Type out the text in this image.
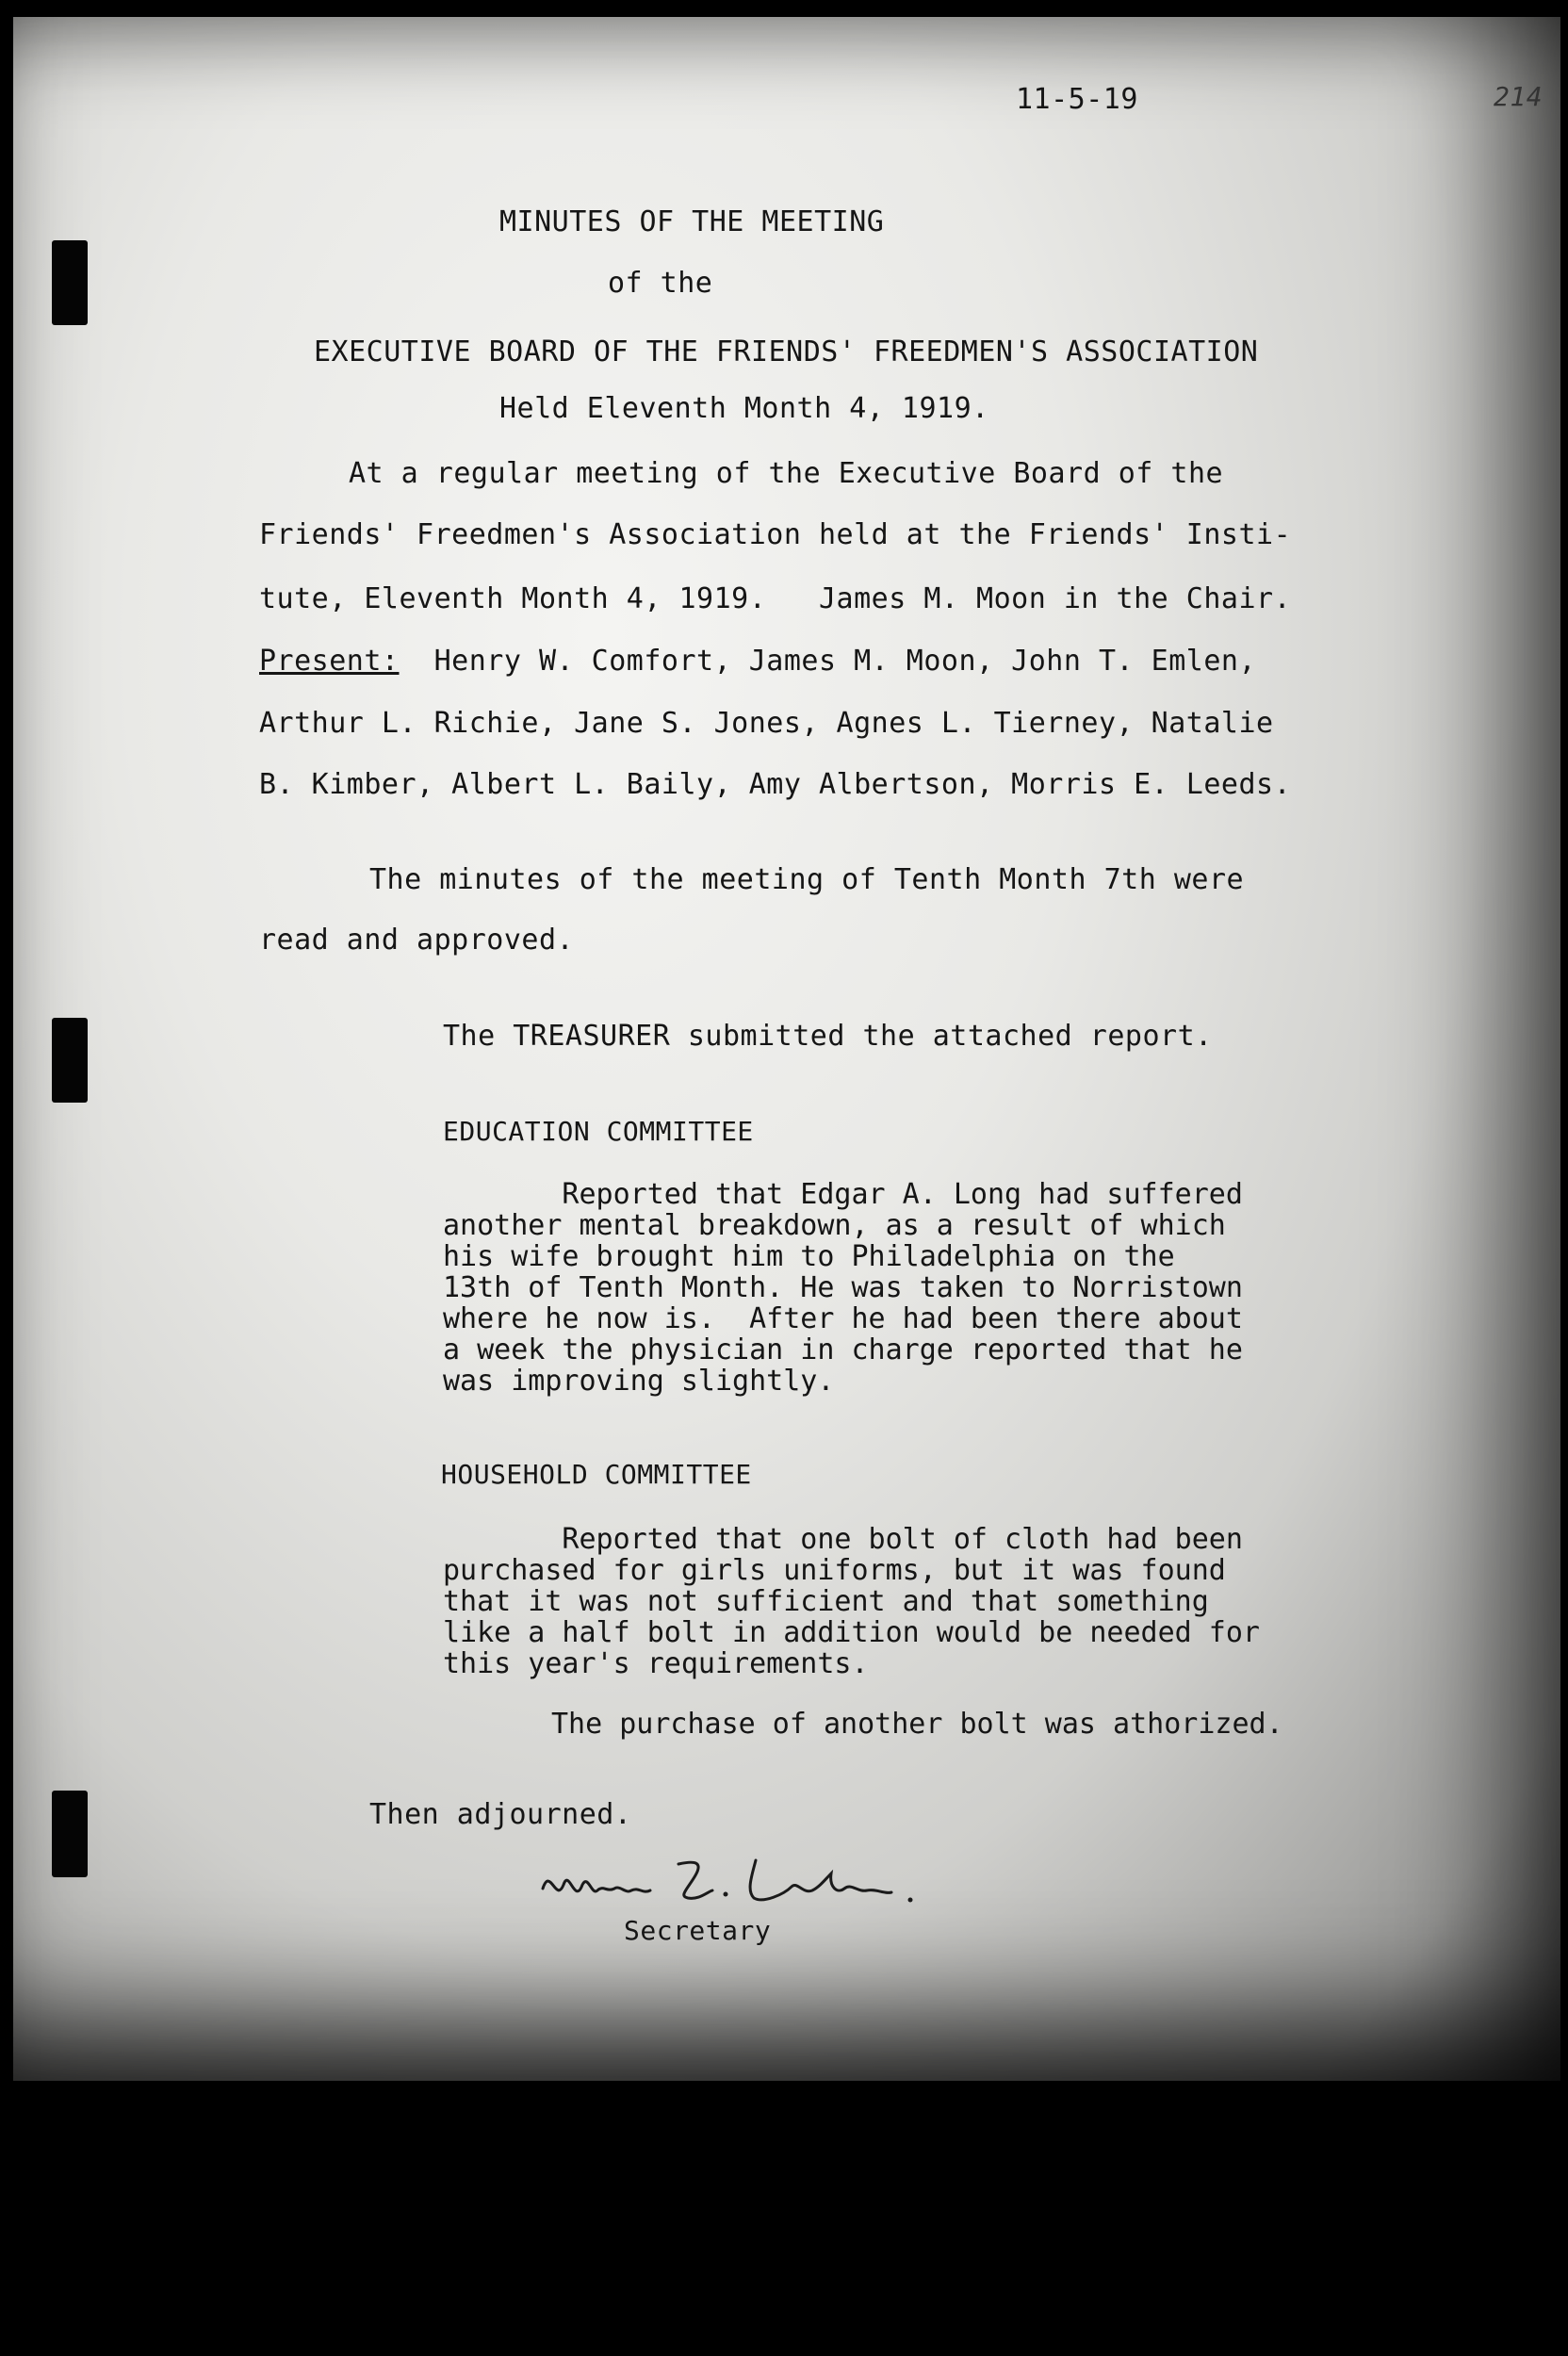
11-5-19	214
MINUTES OF THE MEETING
of the
EXECUTIVE BOARD OF THE FRIENDS' FREEDMEN'S ASSOCIATION
Held Eleventh Month 4, 1919.
At a regular meeting of the Executive Board of the
Friends' Freedmen's Association held at the Friends' Insti-
tute, Eleventh Month 4, 1919.   James M. Moon in the Chair.
Present:  Henry W. Comfort, James M. Moon, John T. Emlen,
Arthur L. Richie, Jane S. Jones, Agnes L. Tierney, Natalie
B. Kimber, Albert L. Baily, Amy Albertson, Morris E. Leeds.
The minutes of the meeting of Tenth Month 7th were
read and approved.
The TREASURER submitted the attached report.
EDUCATION COMMITTEE
Reported that Edgar A. Long had suffered
another mental breakdown, as a result of which
his wife brought him to Philadelphia on the
13th of Tenth Month. He was taken to Norristown
where he now is.  After he had been there about
a week the physician in charge reported that he
was improving slightly.
HOUSEHOLD COMMITTEE
Reported that one bolt of cloth had been
purchased for girls uniforms, but it was found
that it was not sufficient and that something
like a half bolt in addition would be needed for
this year's requirements.
The purchase of another bolt was athorized.
Then adjourned.
Secretary
